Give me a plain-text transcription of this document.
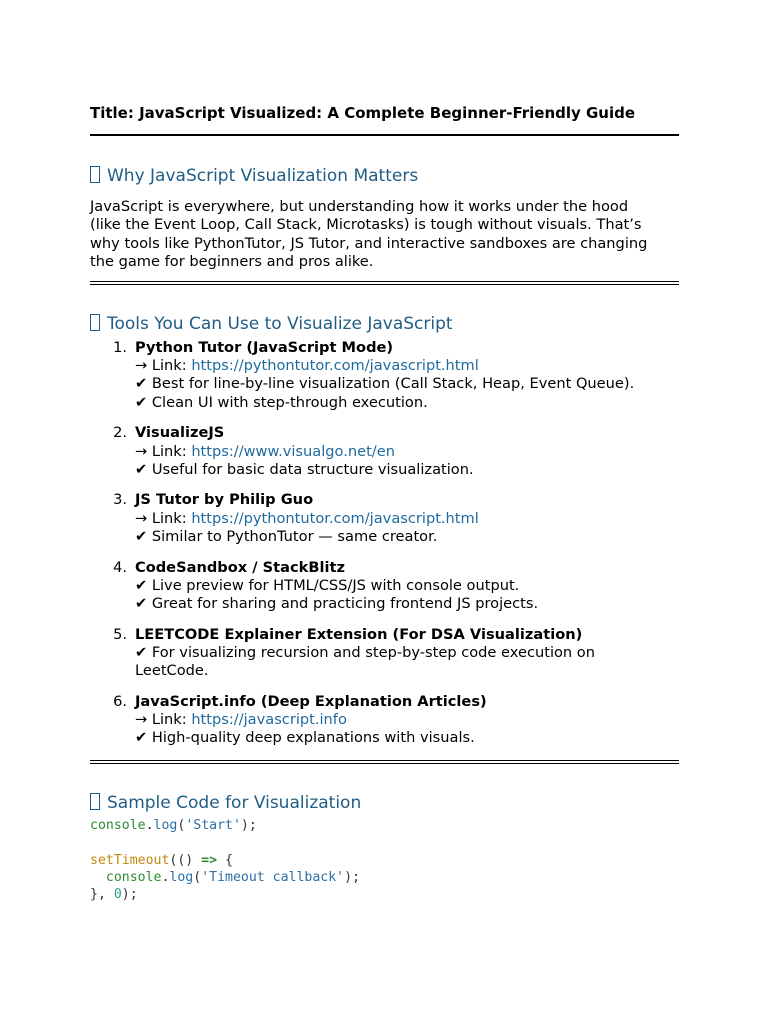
Title: JavaScript Visualized: A Complete Beginner-Friendly Guide
Why JavaScript Visualization Matters

JavaScript is everywhere, but understanding how it works under the hood
(like the Event Loop, Call Stack, Microtasks) is tough without visuals. That’s
why tools like PythonTutor, JS Tutor, and interactive sandboxes are changing
the game for beginners and pros alike.

Tools You Can Use to Visualize JavaScript
1. Python Tutor (JavaScript Mode)
→ Link: https://pythontutor.com/javascript.html
✔ Best for line-by-line visualization (Call Stack, Heap, Event Queue).
✔ Clean UI with step-through execution.
2. VisualizeJS
→ Link: https://www.visualgo.net/en
✔ Useful for basic data structure visualization.
3. JS Tutor by Philip Guo
→ Link: https://pythontutor.com/javascript.html
✔ Similar to PythonTutor — same creator.
4. CodeSandbox / StackBlitz
✔ Live preview for HTML/CSS/JS with console output.
✔ Great for sharing and practicing frontend JS projects.
5. LEETCODE Explainer Extension (For DSA Visualization)
✔ For visualizing recursion and step-by-step code execution on
LeetCode.
6. JavaScript.info (Deep Explanation Articles)
→ Link: https://javascript.info
✔ High-quality deep explanations with visuals.
Sample Code for Visualization
console.log('Start');

setTimeout(() => {
console.log('Timeout callback');
}, 0);
